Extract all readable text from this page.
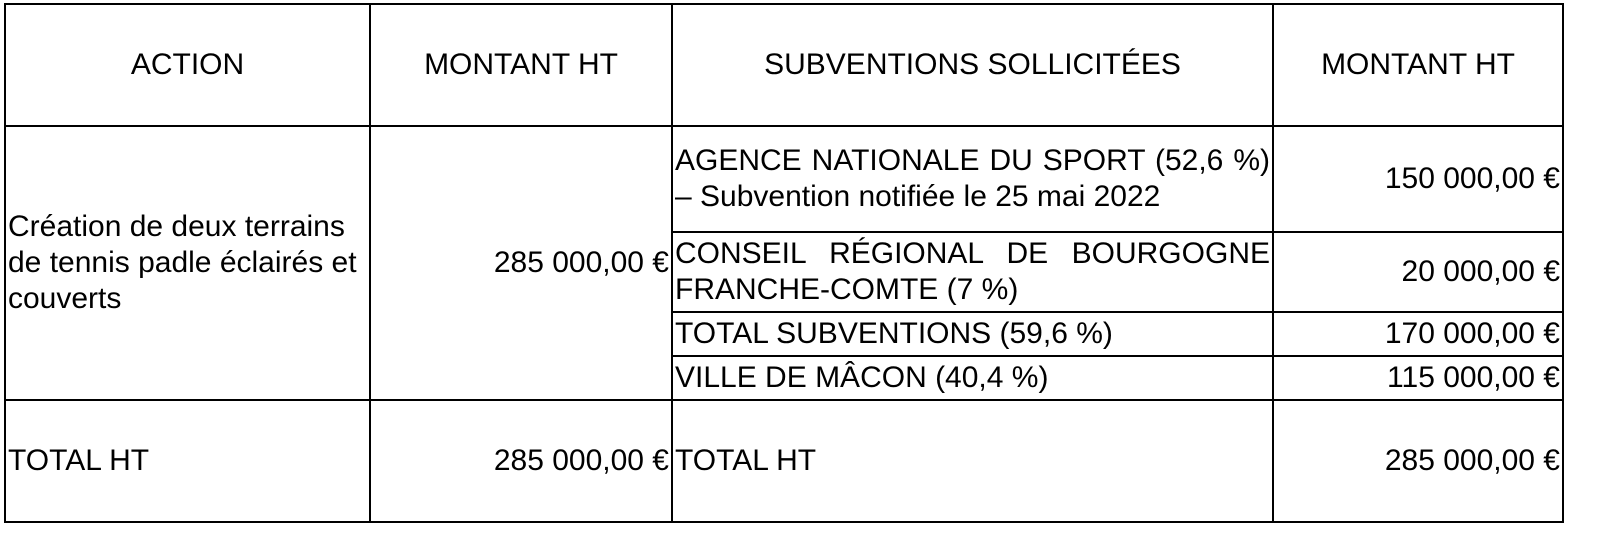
ACTION	MONTANT HT	SUBVENTIONS SOLLICITÉES	MONTANT HT
Création de deux terrains de tennis padle éclairés et couverts	285 000,00 €	AGENCE NATIONALE DU SPORT (52,6 %) – Subvention notifiée le 25 mai 2022	150 000,00 €
		CONSEIL RÉGIONAL DE BOURGOGNE FRANCHE-COMTE (7 %)	20 000,00 €
		TOTAL SUBVENTIONS (59,6 %)	170 000,00 €
		VILLE DE MÂCON (40,4 %)	115 000,00 €
TOTAL HT	285 000,00 €	TOTAL HT	285 000,00 €
